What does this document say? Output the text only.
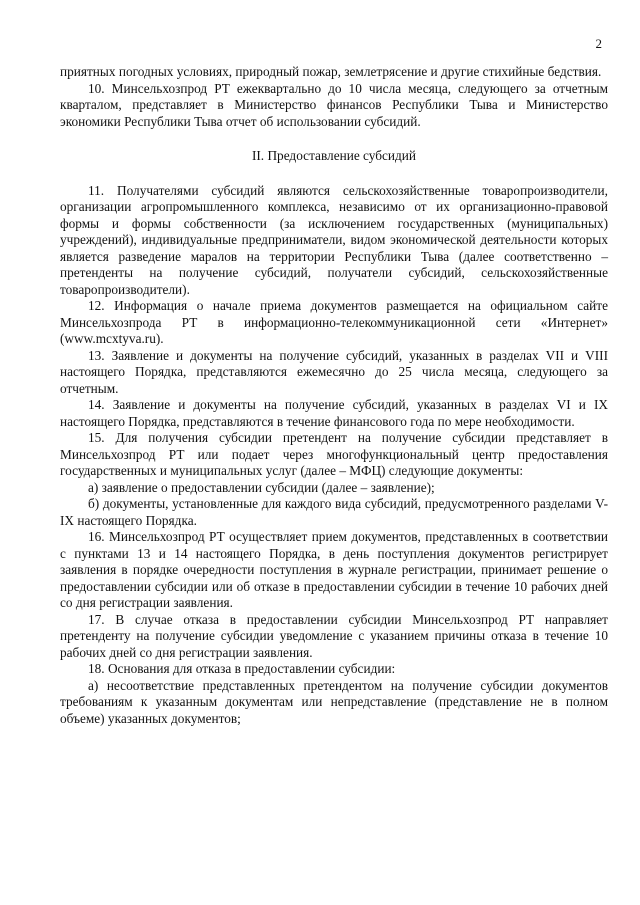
2

приятных погодных условиях, природный пожар, землетрясение и другие стихийные бедствия.

10. Минсельхозпрод РТ ежеквартально до 10 числа месяца, следующего за отчетным кварталом, представляет в Министерство финансов Республики Тыва и Министерство экономики Республики Тыва отчет об использовании субсидий.

II. Предоставление субсидий

11. Получателями субсидий являются сельскохозяйственные товаропроизводители, организации агропромышленного комплекса, независимо от их организационно-правовой формы и формы собственности (за исключением государственных (муниципальных) учреждений), индивидуальные предприниматели, видом экономической деятельности которых является разведение маралов на территории Республики Тыва (далее соответственно – претенденты на получение субсидий, получатели субсидий, сельскохозяйственные товаропроизводители).

12. Информация о начале приема документов размещается на официальном сайте Минсельхозпрода РТ в информационно-телекоммуникационной сети «Интернет» (www.mcxtyva.ru).

13. Заявление и документы на получение субсидий, указанных в разделах VII и VIII настоящего Порядка, представляются ежемесячно до 25 числа месяца, следующего за отчетным.

14. Заявление и документы на получение субсидий, указанных в разделах VI и IX настоящего Порядка, представляются в течение финансового года по мере необходимости.

15. Для получения субсидии претендент на получение субсидии представляет в Минсельхозпрод РТ или подает через многофункциональный центр предоставления государственных и муниципальных услуг (далее – МФЦ) следующие документы:

а) заявление о предоставлении субсидии (далее – заявление);

б) документы, установленные для каждого вида субсидий, предусмотренного разделами V- IX настоящего Порядка.

16. Минсельхозпрод РТ осуществляет прием документов, представленных в соответствии с пунктами 13 и 14 настоящего Порядка, в день поступления документов регистрирует заявления в порядке очередности поступления в журнале регистрации, принимает решение о предоставлении субсидии или об отказе в предоставлении субсидии в течение 10 рабочих дней со дня регистрации заявления.

17. В случае отказа в предоставлении субсидии Минсельхозпрод РТ направляет претенденту на получение субсидии уведомление с указанием причины отказа в течение 10 рабочих дней со дня регистрации заявления.

18. Основания для отказа в предоставлении субсидии:

а) несоответствие представленных претендентом на получение субсидии документов требованиям к указанным документам или непредставление (представление не в полном объеме) указанных документов;
